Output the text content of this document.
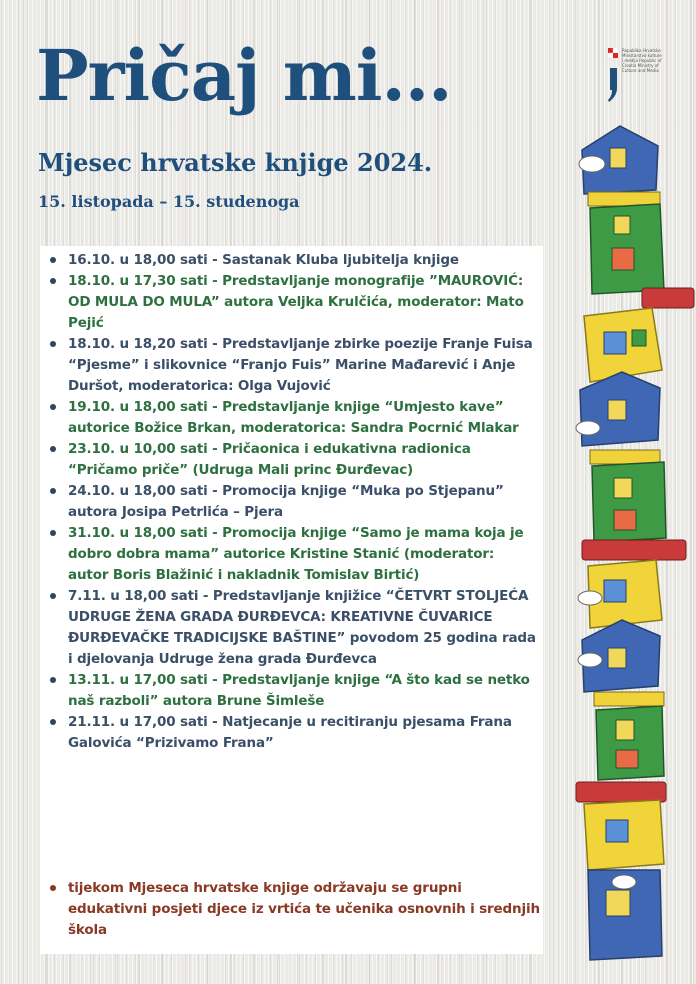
Pričaj mi...
Mjesec hrvatske knjige 2024.
15. listopada – 15. studenoga
Republika Hrvatska Ministarstvo kulture i medija Republic of Croatia Ministry of Culture and Media
16.10. u 18,00 sati - Sastanak Kluba ljubitelja knjige
18.10. u 17,30 sati - Predstavljanje monografije ”MAUROVIĆ: OD MULA DO MULA” autora Veljka Krulčića, moderator: Mato Pejić
18.10. u 18,20 sati - Predstavljanje zbirke poezije Franje Fuisa “Pjesme” i slikovnice “Franjo Fuis” Marine Mađarević i Anje Duršot, moderatorica: Olga Vujović
19.10. u 18,00 sati - Predstavljanje knjige “Umjesto kave” autorice Božice Brkan, moderatorica: Sandra Pocrnić Mlakar
23.10. u 10,00 sati - Pričaonica i edukativna radionica “Pričamo priče” (Udruga Mali princ Đurđevac)
24.10. u 18,00 sati - Promocija knjige “Muka po Stjepanu” autora Josipa Petrlića – Pjera
31.10. u 18,00 sati - Promocija knjige “Samo je mama koja je dobro dobra mama” autorice Kristine Stanić (moderator: autor Boris Blažinić i nakladnik Tomislav Birtić)
7.11. u 18,00 sati - Predstavljanje knjižice “ČETVRT STOLJEĆA UDRUGE ŽENA GRADA ĐURĐEVCA: KREATIVNE ČUVARICE ĐURĐEVAČKE TRADICIJSKE BAŠTINE” povodom 25 godina rada i djelovanja Udruge žena grada Đurđevca
13.11. u 17,00 sati - Predstavljanje knjige “A što kad se netko naš razboli” autora Brune Šimleše
21.11. u 17,00 sati - Natjecanje u recitiranju pjesama Frana Galovića “Prizivamo Frana”
tijekom Mjeseca hrvatske knjige održavaju se grupni edukativni posjeti djece iz vrtića te učenika osnovnih i srednjih škola
